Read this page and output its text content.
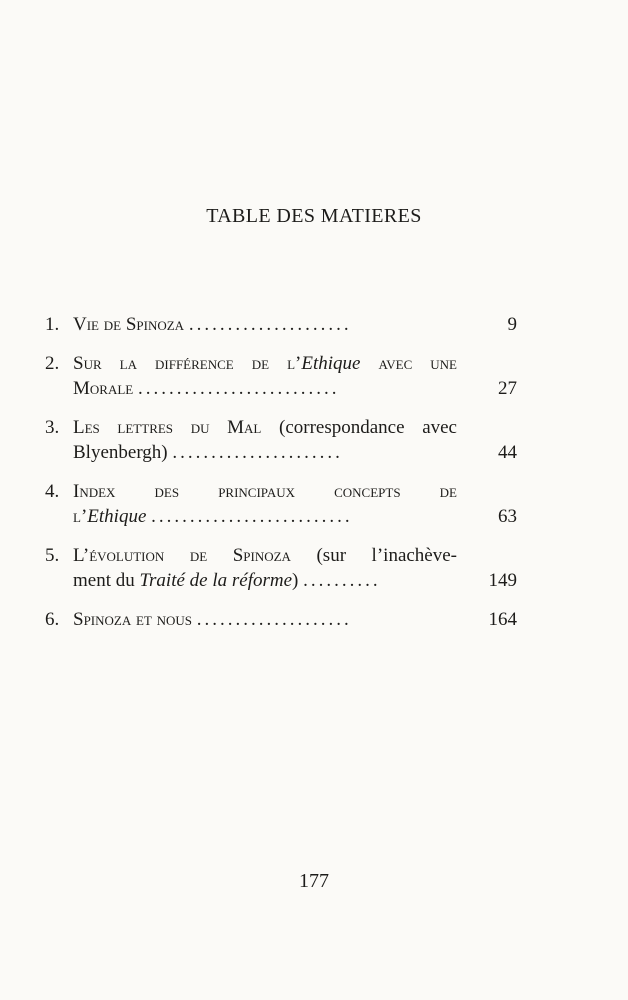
TABLE DES MATIERES
1. Vie de Spinoza .....................	9
2. Sur la différence de l’Ethique avec une
Morale ..........................	27
3. Les lettres du Mal (correspondance avec
Blyenbergh) ......................	44
4. Index des principaux concepts de
l’Ethique ..........................	63
5. L’évolution de Spinoza (sur l’inachève-
ment du Traité de la réforme) ..........	149
6. Spinoza et nous ....................	164
177
